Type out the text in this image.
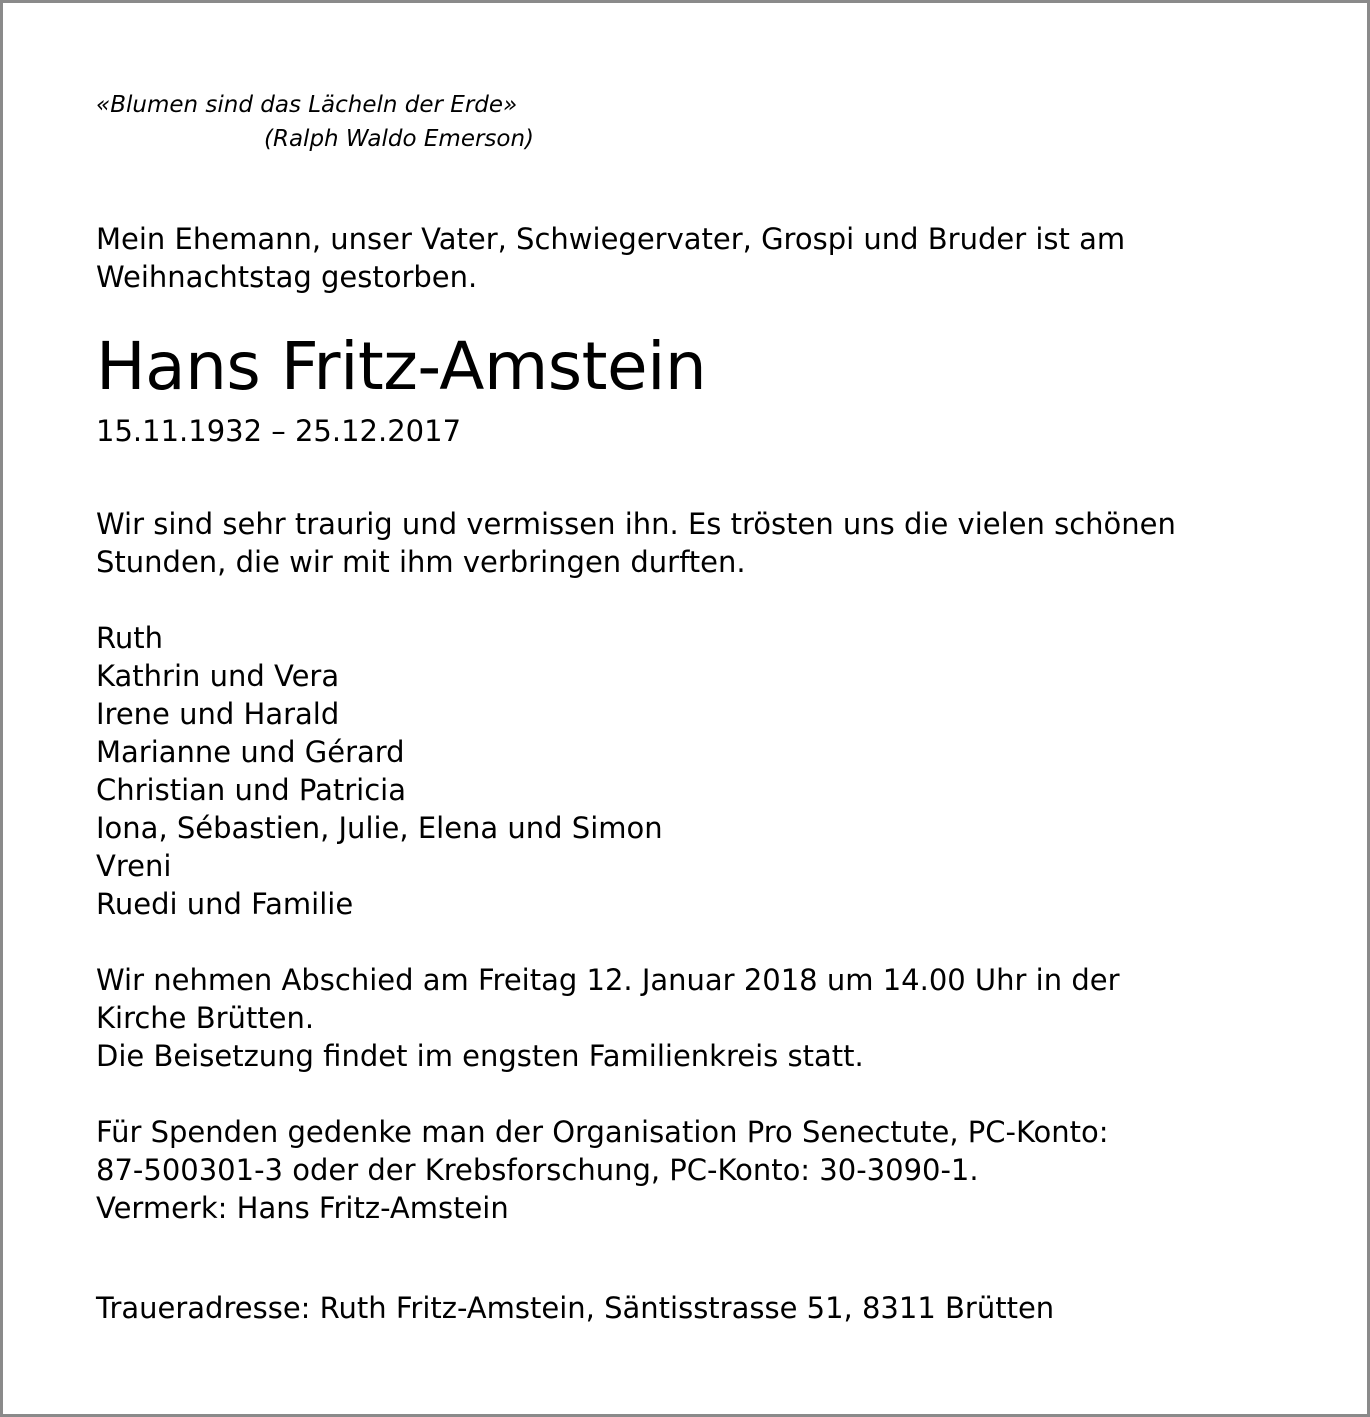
«Blumen sind das Lächeln der Erde»
(Ralph Waldo Emerson)

Mein Ehemann, unser Vater, Schwiegervater, Grospi und Bruder ist am
Weihnachtstag gestorben.

Hans Fritz-Amstein

15.11.1932 – 25.12.2017

Wir sind sehr traurig und vermissen ihn. Es trösten uns die vielen schönen
Stunden, die wir mit ihm verbringen durften.

Ruth
Kathrin und Vera
Irene und Harald
Marianne und Gérard
Christian und Patricia
Iona, Sébastien, Julie, Elena und Simon
Vreni
Ruedi und Familie

Wir nehmen Abschied am Freitag 12. Januar 2018 um 14.00 Uhr in der
Kirche Brütten.
Die Beisetzung findet im engsten Familienkreis statt.

Für Spenden gedenke man der Organisation Pro Senectute, PC-Konto:
87-500301-3 oder der Krebsforschung, PC-Konto: 30-3090-1.
Vermerk: Hans Fritz-Amstein

Traueradresse: Ruth Fritz-Amstein, Säntisstrasse 51, 8311 Brütten
